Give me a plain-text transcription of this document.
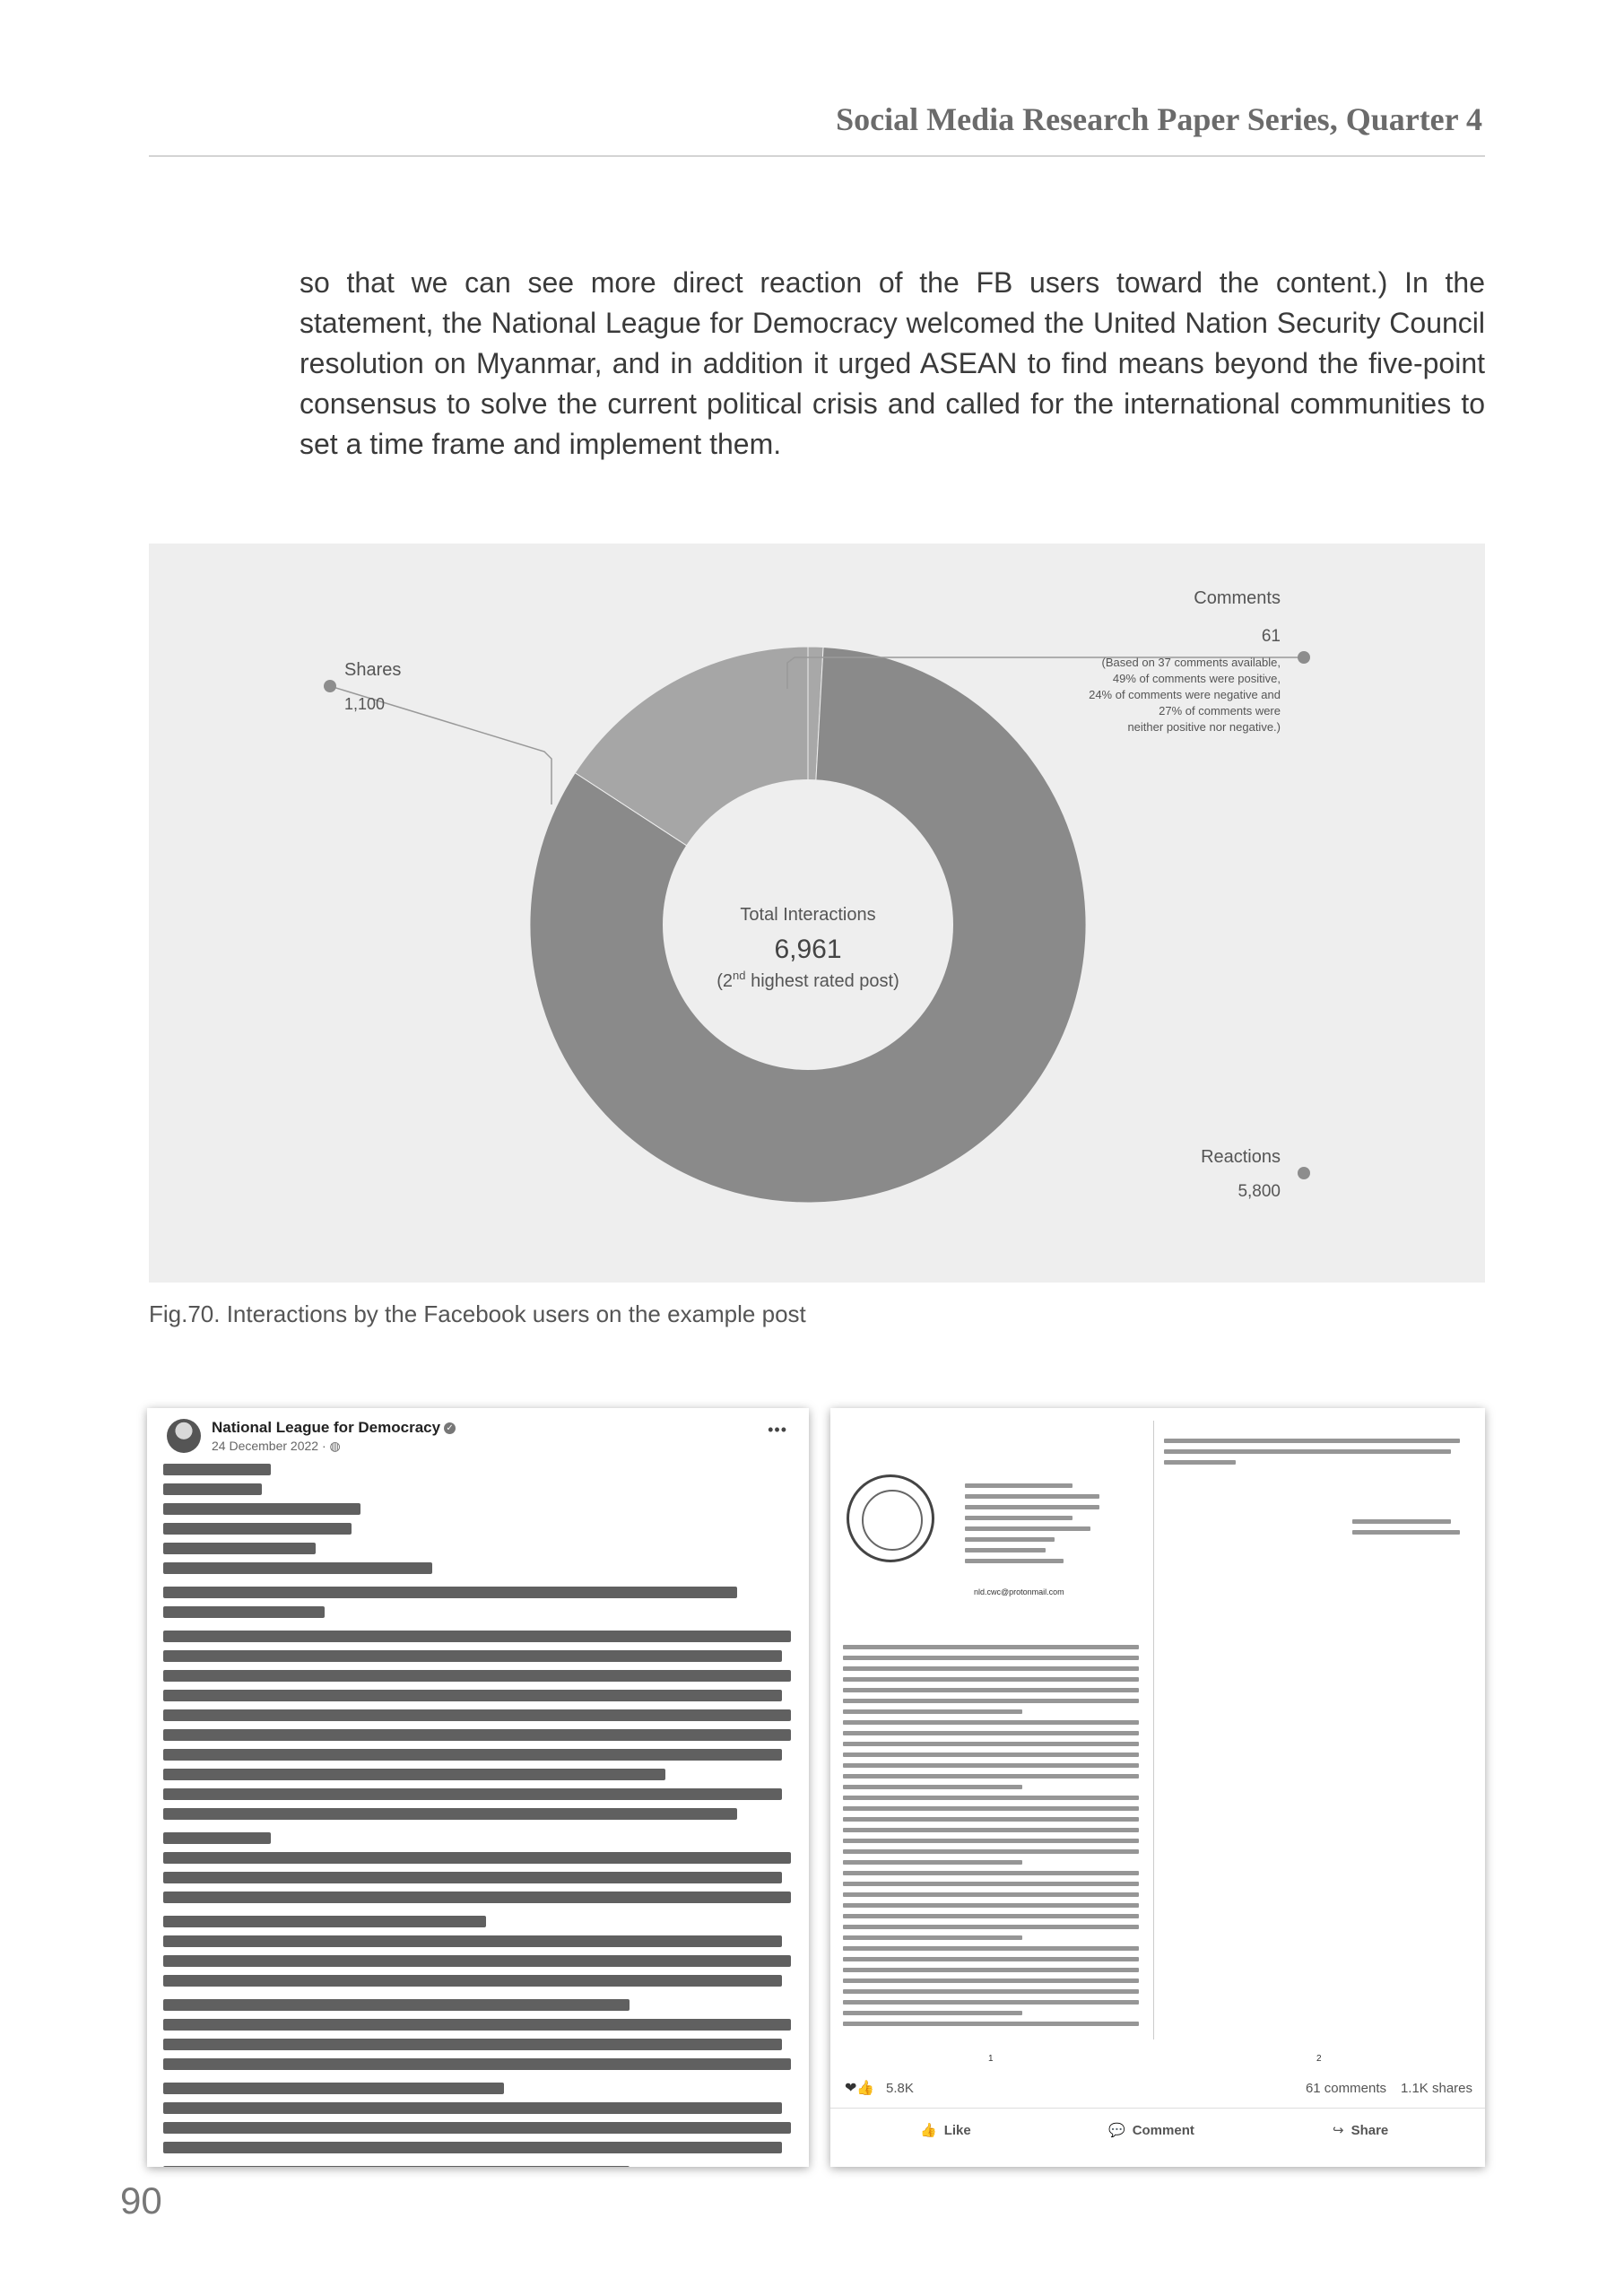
Social Media Research Paper Series, Quarter 4

so that we can see more direct reaction of the FB users toward the content.) In the statement, the National League for Democracy welcomed the United Nation Security Council resolution on Myanmar, and in addition it urged ASEAN to find means beyond the five-point consensus to solve the current political crisis and called for the international communities to set a time frame and implement them.

Comments
61
(Based on 37 comments available,
49% of comments were positive,
24% of comments were negative and
27% of comments were
neither positive nor negative.)
Shares
1,100
Reactions
5,800
Total Interactions
6,961
(2nd highest rated post)
Fig.70. Interactions by the Facebook users on the example post
National League for Democracy ✓
24 December 2022 · ◍
•••
nld.cwc@protonmail.com
1	2
❤👍 5.8K	61 comments 1.1K shares
👍 Like	💬 Comment	↪ Share
90
